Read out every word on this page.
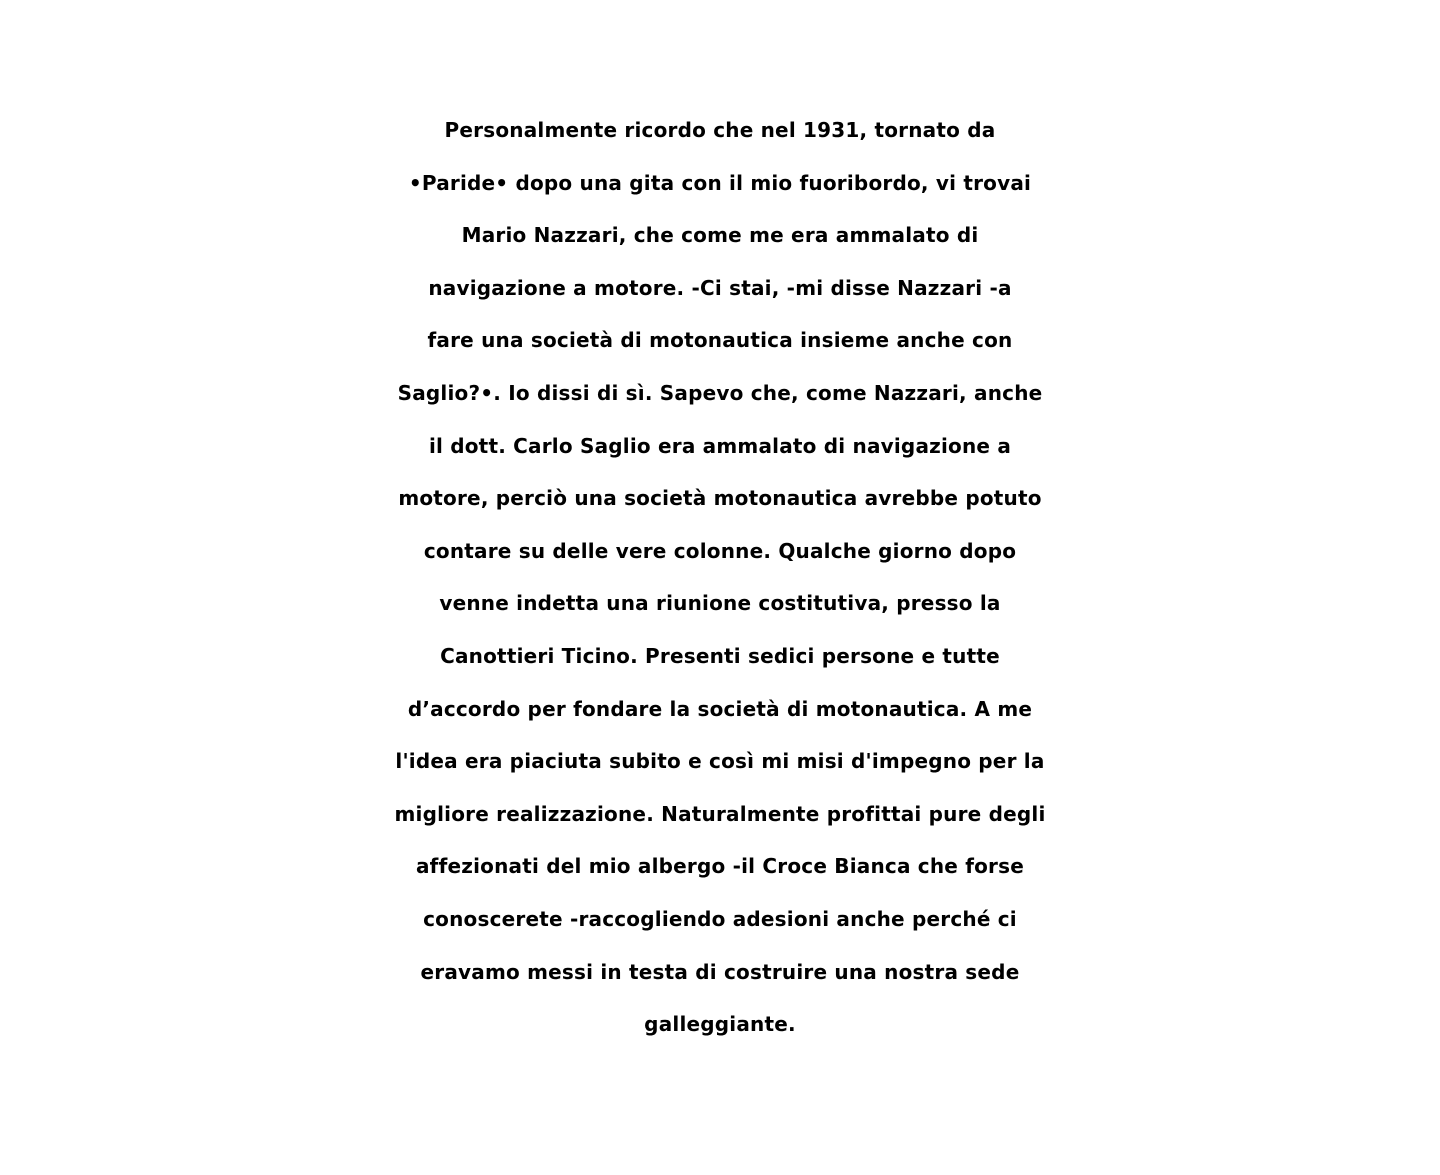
Personalmente ricordo che nel 1931, tornato da
•Paride• dopo una gita con il mio fuoribordo, vi trovai
Mario Nazzari, che come me era ammalato di
navigazione a motore. -Ci stai, -mi disse Nazzari -a
fare una società di motonautica insieme anche con
Saglio?•. Io dissi di sì. Sapevo che, come Nazzari, anche
il dott. Carlo Saglio era ammalato di navigazione a
motore, perciò una società motonautica avrebbe potuto
contare su delle vere colonne. Qualche giorno dopo
venne indetta una riunione costitutiva, presso la
Canottieri Ticino. Presenti sedici persone e tutte
d’accordo per fondare la società di motonautica. A me
l'idea era piaciuta subito e così mi misi d'impegno per la
migliore realizzazione. Naturalmente profittai pure degli
affezionati del mio albergo -il Croce Bianca che forse
conoscerete -raccogliendo adesioni anche perché ci
eravamo messi in testa di costruire una nostra sede
galleggiante.
